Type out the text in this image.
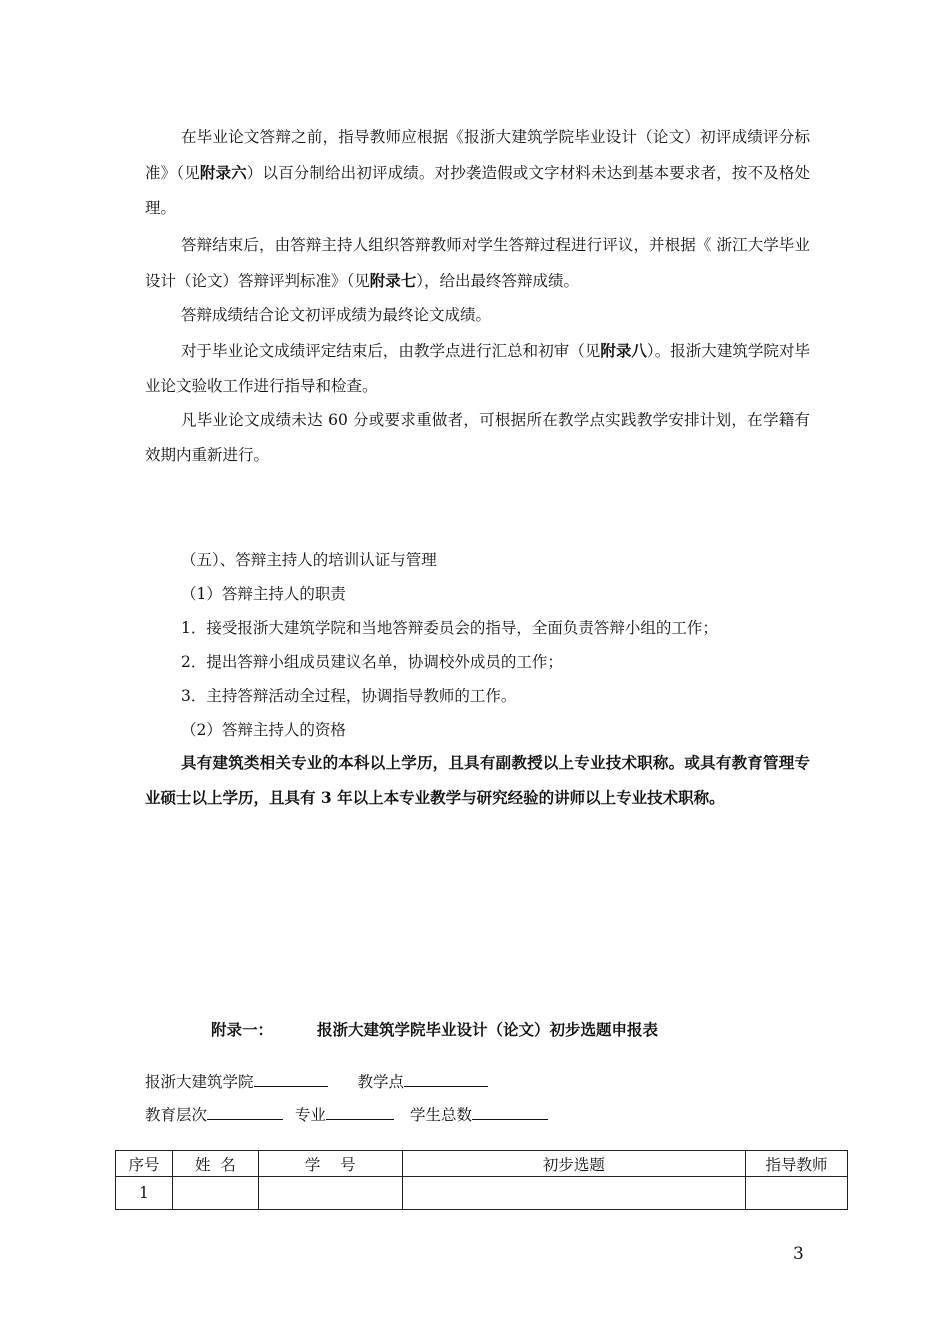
在毕业论文答辩之前，指导教师应根据《报浙大建筑学院毕业设计（论文）初评成绩评分标准》（见附录六）以百分制给出初评成绩。对抄袭造假或文字材料未达到基本要求者，按不及格处理。

答辩结束后，由答辩主持人组织答辩教师对学生答辩过程进行评议，并根据《 浙江大学毕业设计（论文）答辩评判标准》（见附录七），给出最终答辩成绩。

答辩成绩结合论文初评成绩为最终论文成绩。

对于毕业论文成绩评定结束后，由教学点进行汇总和初审（见附录八）。报浙大建筑学院对毕业论文验收工作进行指导和检查。

凡毕业论文成绩未达 60 分或要求重做者，可根据所在教学点实践教学安排计划，在学籍有效期内重新进行。

（五）、答辩主持人的培训认证与管理

（1）答辩主持人的职责

1．接受报浙大建筑学院和当地答辩委员会的指导，全面负责答辩小组的工作；

2．提出答辩小组成员建议名单，协调校外成员的工作；

3．主持答辩活动全过程，协调指导教师的工作。

（2）答辩主持人的资格

具有建筑类相关专业的本科以上学历，且具有副教授以上专业技术职称。或具有教育管理专业硕士以上学历，且具有 3 年以上本专业教学与研究经验的讲师以上专业技术职称。

附录一：	报浙大建筑学院毕业设计（论文）初步选题申报表
报浙大建筑学院	教学点
教育层次	专业	学生总数
序号	姓  名	学    号	初步选题	指导教师
1				
3
